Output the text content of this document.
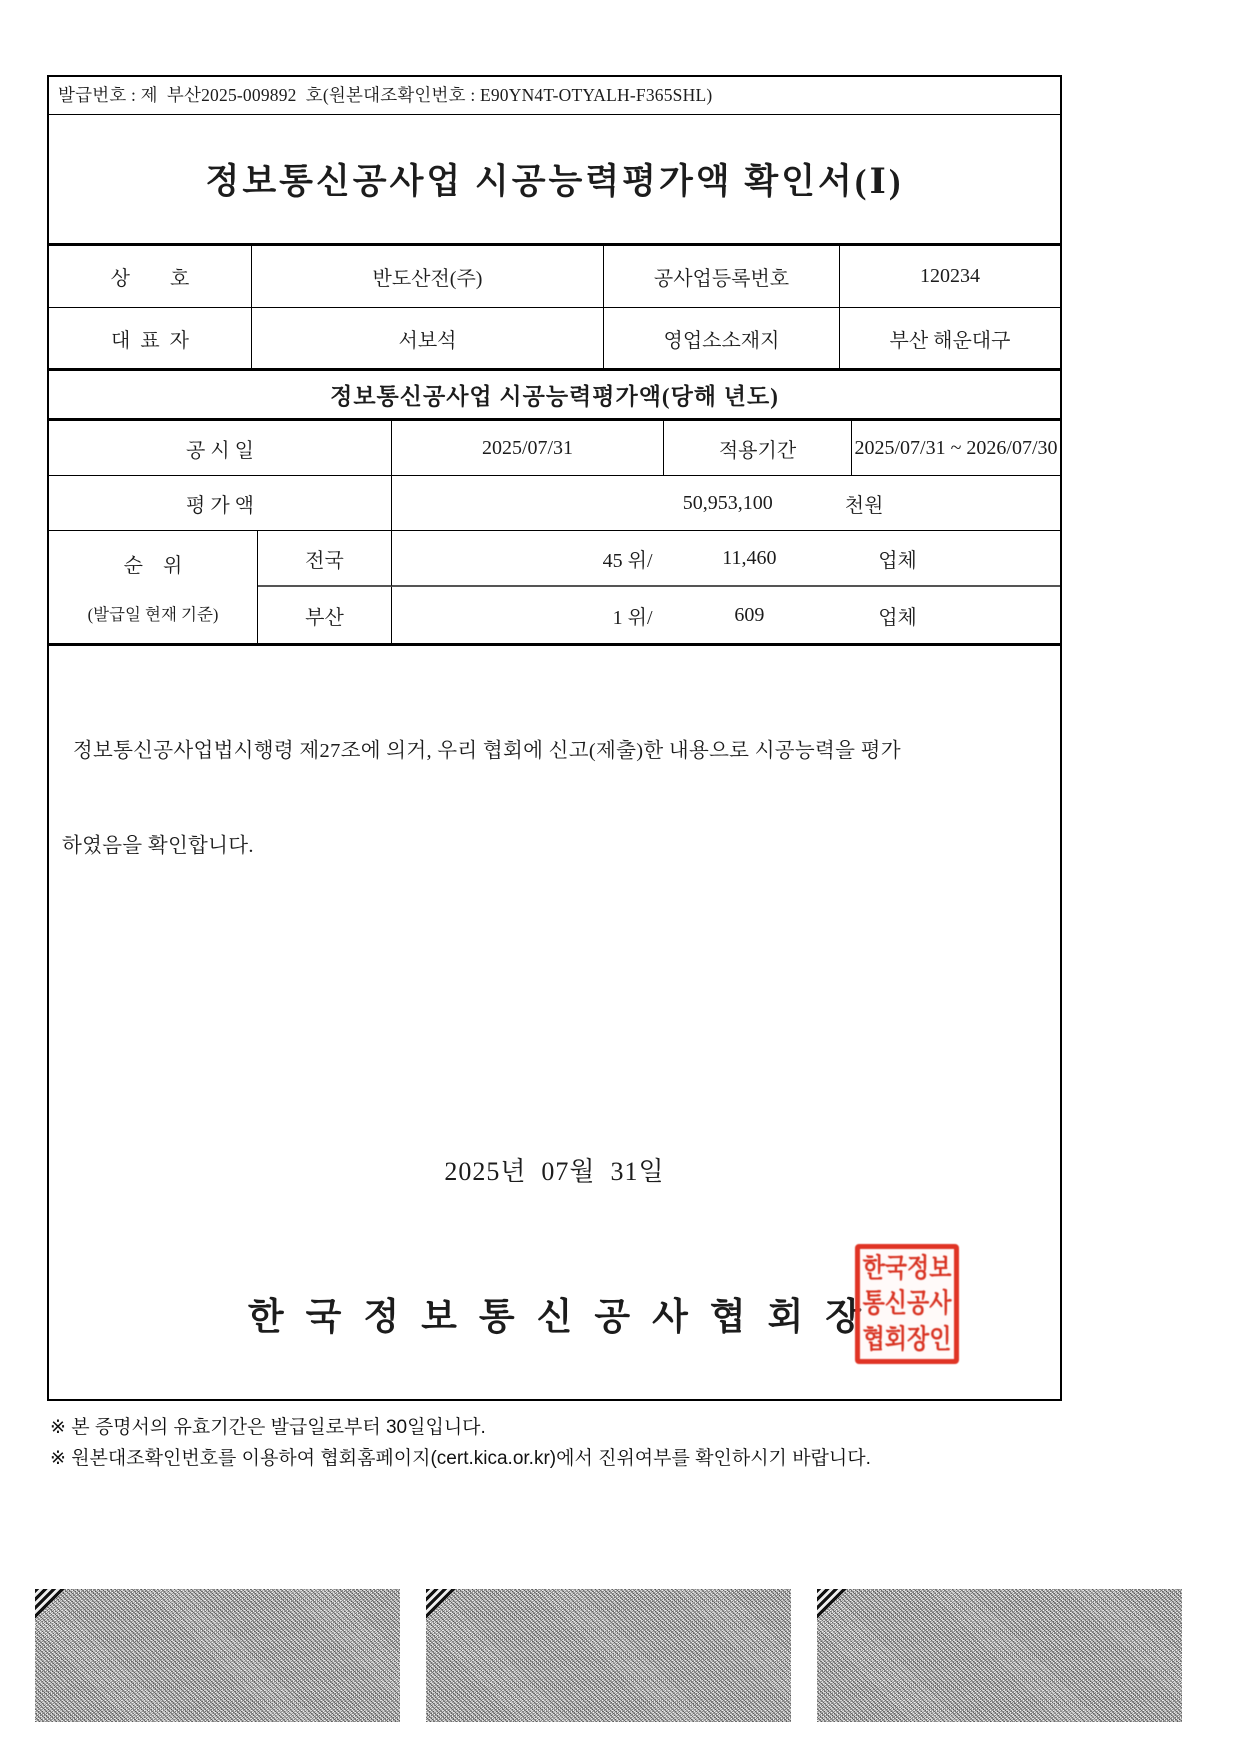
발급번호 : 제  부산2025-009892  호(원본대조확인번호 : E90YN4T-OTYALH-F365SHL)
정보통신공사업 시공능력평가액 확인서(Ⅰ)
상        호	반도산전(주)	공사업등록번호	120234
대  표  자	서보석	영업소소재지	부산 해운대구
정보통신공사업 시공능력평가액(당해 년도)
공 시 일	2025/07/31	적용기간	2025/07/31 ~ 2026/07/30
평 가 액	50,953,100	천원
순    위
(발급일 현재 기준)
전국	45 위/	11,460	업체
부산	1 위/	609	업체

정보통신공사업법시행령 제27조에 의거, 우리 협회에 신고(제출)한 내용으로 시공능력을 평가

하였음을 확인합니다.

2025년  07월  31일
한국정보통신공사협회장
한국정보
통신공사
협회장인
※ 본 증명서의 유효기간은 발급일로부터 30일입니다.
※ 원본대조확인번호를 이용하여 협회홈페이지(cert.kica.or.kr)에서 진위여부를 확인하시기 바랍니다.
